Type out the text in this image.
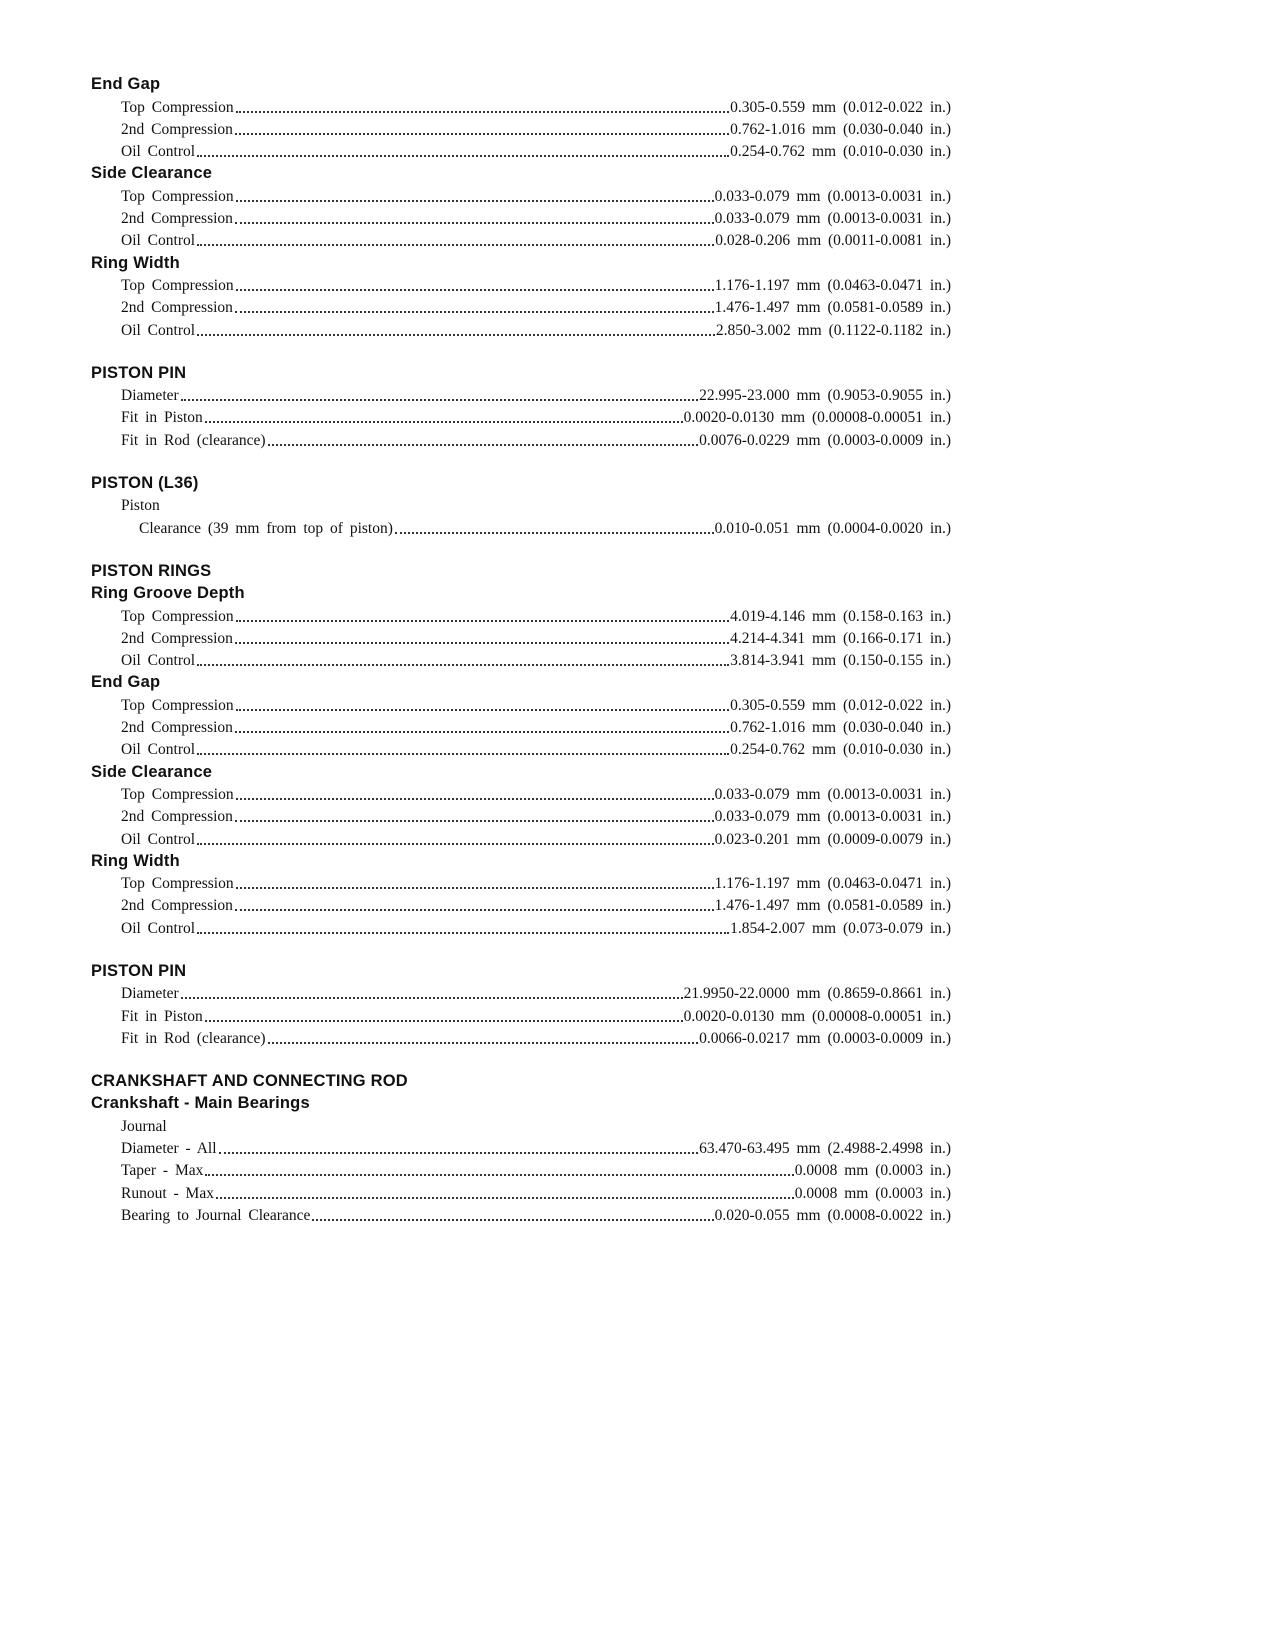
End Gap
Top Compression	0.305-0.559 mm (0.012-0.022 in.)
2nd Compression	0.762-1.016 mm (0.030-0.040 in.)
Oil Control	0.254-0.762 mm (0.010-0.030 in.)
Side Clearance
Top Compression	0.033-0.079 mm (0.0013-0.0031 in.)
2nd Compression	0.033-0.079 mm (0.0013-0.0031 in.)
Oil Control	0.028-0.206 mm (0.0011-0.0081 in.)
Ring Width
Top Compression	1.176-1.197 mm (0.0463-0.0471 in.)
2nd Compression	1.476-1.497 mm (0.0581-0.0589 in.)
Oil Control	2.850-3.002 mm (0.1122-0.1182 in.)
PISTON PIN
Diameter	22.995-23.000 mm (0.9053-0.9055 in.)
Fit in Piston	0.0020-0.0130 mm (0.00008-0.00051 in.)
Fit in Rod (clearance)	0.0076-0.0229 mm (0.0003-0.0009 in.)
PISTON (L36)
Piston
Clearance (39 mm from top of piston)	0.010-0.051 mm (0.0004-0.0020 in.)
PISTON RINGS
Ring Groove Depth
Top Compression	4.019-4.146 mm (0.158-0.163 in.)
2nd Compression	4.214-4.341 mm (0.166-0.171 in.)
Oil Control	3.814-3.941 mm (0.150-0.155 in.)
End Gap
Top Compression	0.305-0.559 mm (0.012-0.022 in.)
2nd Compression	0.762-1.016 mm (0.030-0.040 in.)
Oil Control	0.254-0.762 mm (0.010-0.030 in.)
Side Clearance
Top Compression	0.033-0.079 mm (0.0013-0.0031 in.)
2nd Compression	0.033-0.079 mm (0.0013-0.0031 in.)
Oil Control	0.023-0.201 mm (0.0009-0.0079 in.)
Ring Width
Top Compression	1.176-1.197 mm (0.0463-0.0471 in.)
2nd Compression	1.476-1.497 mm (0.0581-0.0589 in.)
Oil Control	1.854-2.007 mm (0.073-0.079 in.)
PISTON PIN
Diameter	21.9950-22.0000 mm (0.8659-0.8661 in.)
Fit in Piston	0.0020-0.0130 mm (0.00008-0.00051 in.)
Fit in Rod (clearance)	0.0066-0.0217 mm (0.0003-0.0009 in.)
CRANKSHAFT AND CONNECTING ROD
Crankshaft - Main Bearings
Journal
Diameter - All	63.470-63.495 mm (2.4988-2.4998 in.)
Taper - Max	0.0008 mm (0.0003 in.)
Runout - Max	0.0008 mm (0.0003 in.)
Bearing to Journal Clearance	0.020-0.055 mm (0.0008-0.0022 in.)
